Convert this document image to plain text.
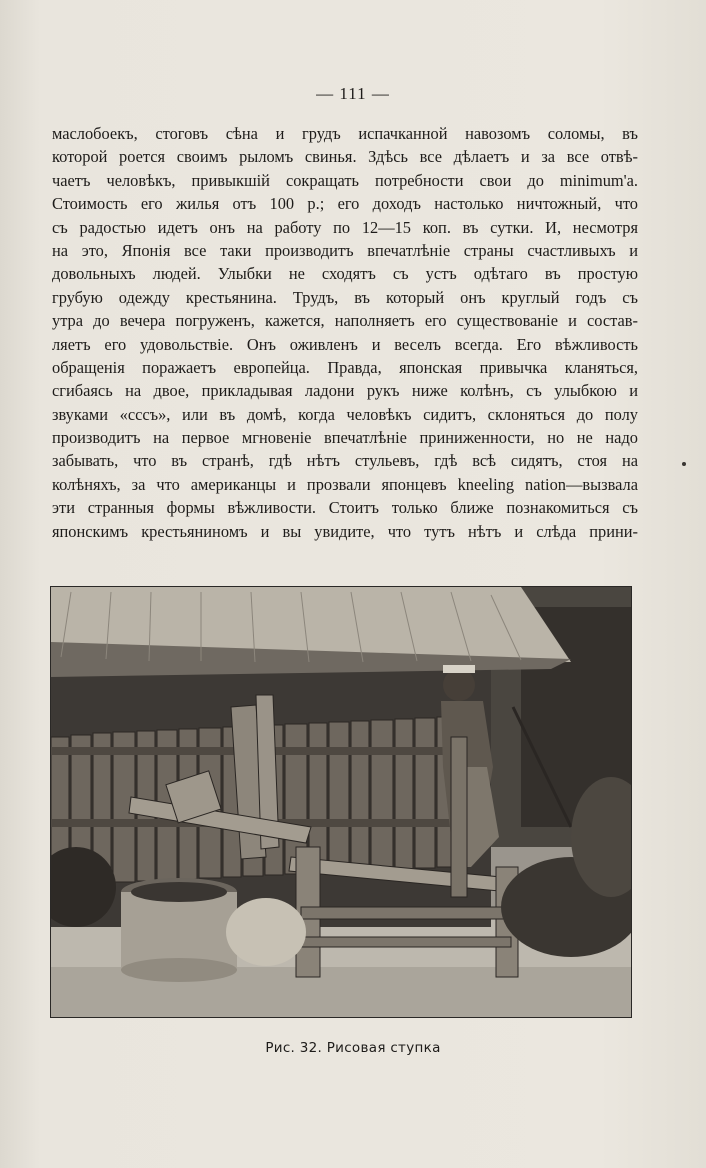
— 111 —
маслобоекъ, стоговъ сѣна и грудъ испачканной навозомъ соломы, въ
которой роется своимъ рыломъ свинья. Здѣсь все дѣлаетъ и за все отвѣ-
чаетъ человѣкъ, привыкшій сокращать потребности свои до minimum'а.
Стоимость его жилья отъ 100 р.; его доходъ настолько ничтожный, что
съ радостью идетъ онъ на работу по 12—15 коп. въ сутки. И, несмотря
на это, Японія все таки производитъ впечатлѣніе страны счастливыхъ и
довольныхъ людей. Улыбки не сходятъ съ устъ одѣтаго въ простую
грубую одежду крестьянина. Трудъ, въ который онъ круглый годъ съ
утра до вечера погруженъ, кажется, наполняетъ его существованіе и состав-
ляетъ его удовольствіе. Онъ оживленъ и веселъ всегда. Его вѣжливость
обращенія поражаетъ европейца. Правда, японская привычка кланяться,
сгибаясь на двое, прикладывая ладони рукъ ниже колѣнъ, съ улыбкою и
звуками «сссъ», или въ домѣ, когда человѣкъ сидитъ, склоняться до полу
производитъ на первое мгновеніе впечатлѣніе приниженности, но не надо
забывать, что въ странѣ, гдѣ нѣтъ стульевъ, гдѣ всѣ сидятъ, стоя на
колѣняхъ, за что американцы и прозвали японцевъ kneeling nation—вызвала
эти странныя формы вѣжливости. Стоитъ только ближе познакомиться съ
японскимъ крестьяниномъ и вы увидите, что тутъ нѣтъ и слѣда прини-
Рис. 32. Рисовая ступка
